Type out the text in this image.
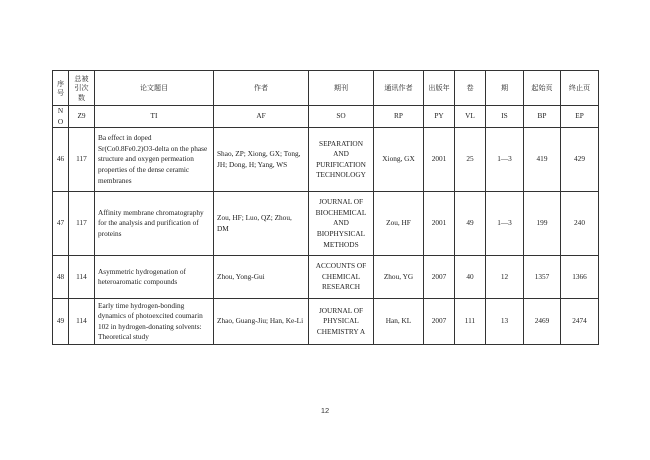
序号	总被引次数	论文题目	作者	期刊	通讯作者	出版年	卷	期	起始页	终止页
N O	Z9	TI	AF	SO	RP	PY	VL	IS	BP	EP
46	117	Ba effect in doped Sr(Co0.8Fe0.2)O3-delta on the phase structure and oxygen permeation properties of the dense ceramic membranes	Shao, ZP; Xiong, GX; Tong, JH; Dong, H; Yang, WS	SEPARATION AND PURIFICATION TECHNOLOGY	Xiong, GX	2001	25	1—3	419	429
47	117	Affinity membrane chromatography for the analysis and purification of proteins	Zou, HF; Luo, QZ; Zhou, DM	JOURNAL OF BIOCHEMICAL AND BIOPHYSICAL METHODS	Zou, HF	2001	49	1—3	199	240
48	114	Asymmetric hydrogenation of heteroaromatic compounds	Zhou, Yong-Gui	ACCOUNTS OF CHEMICAL RESEARCH	Zhou, YG	2007	40	12	1357	1366
49	114	Early time hydrogen-bonding dynamics of photoexcited coumarin 102 in hydrogen-donating solvents: Theoretical study	Zhao, Guang-Jiu; Han, Ke-Li	JOURNAL OF PHYSICAL CHEMISTRY A	Han, KL	2007	111	13	2469	2474
12
